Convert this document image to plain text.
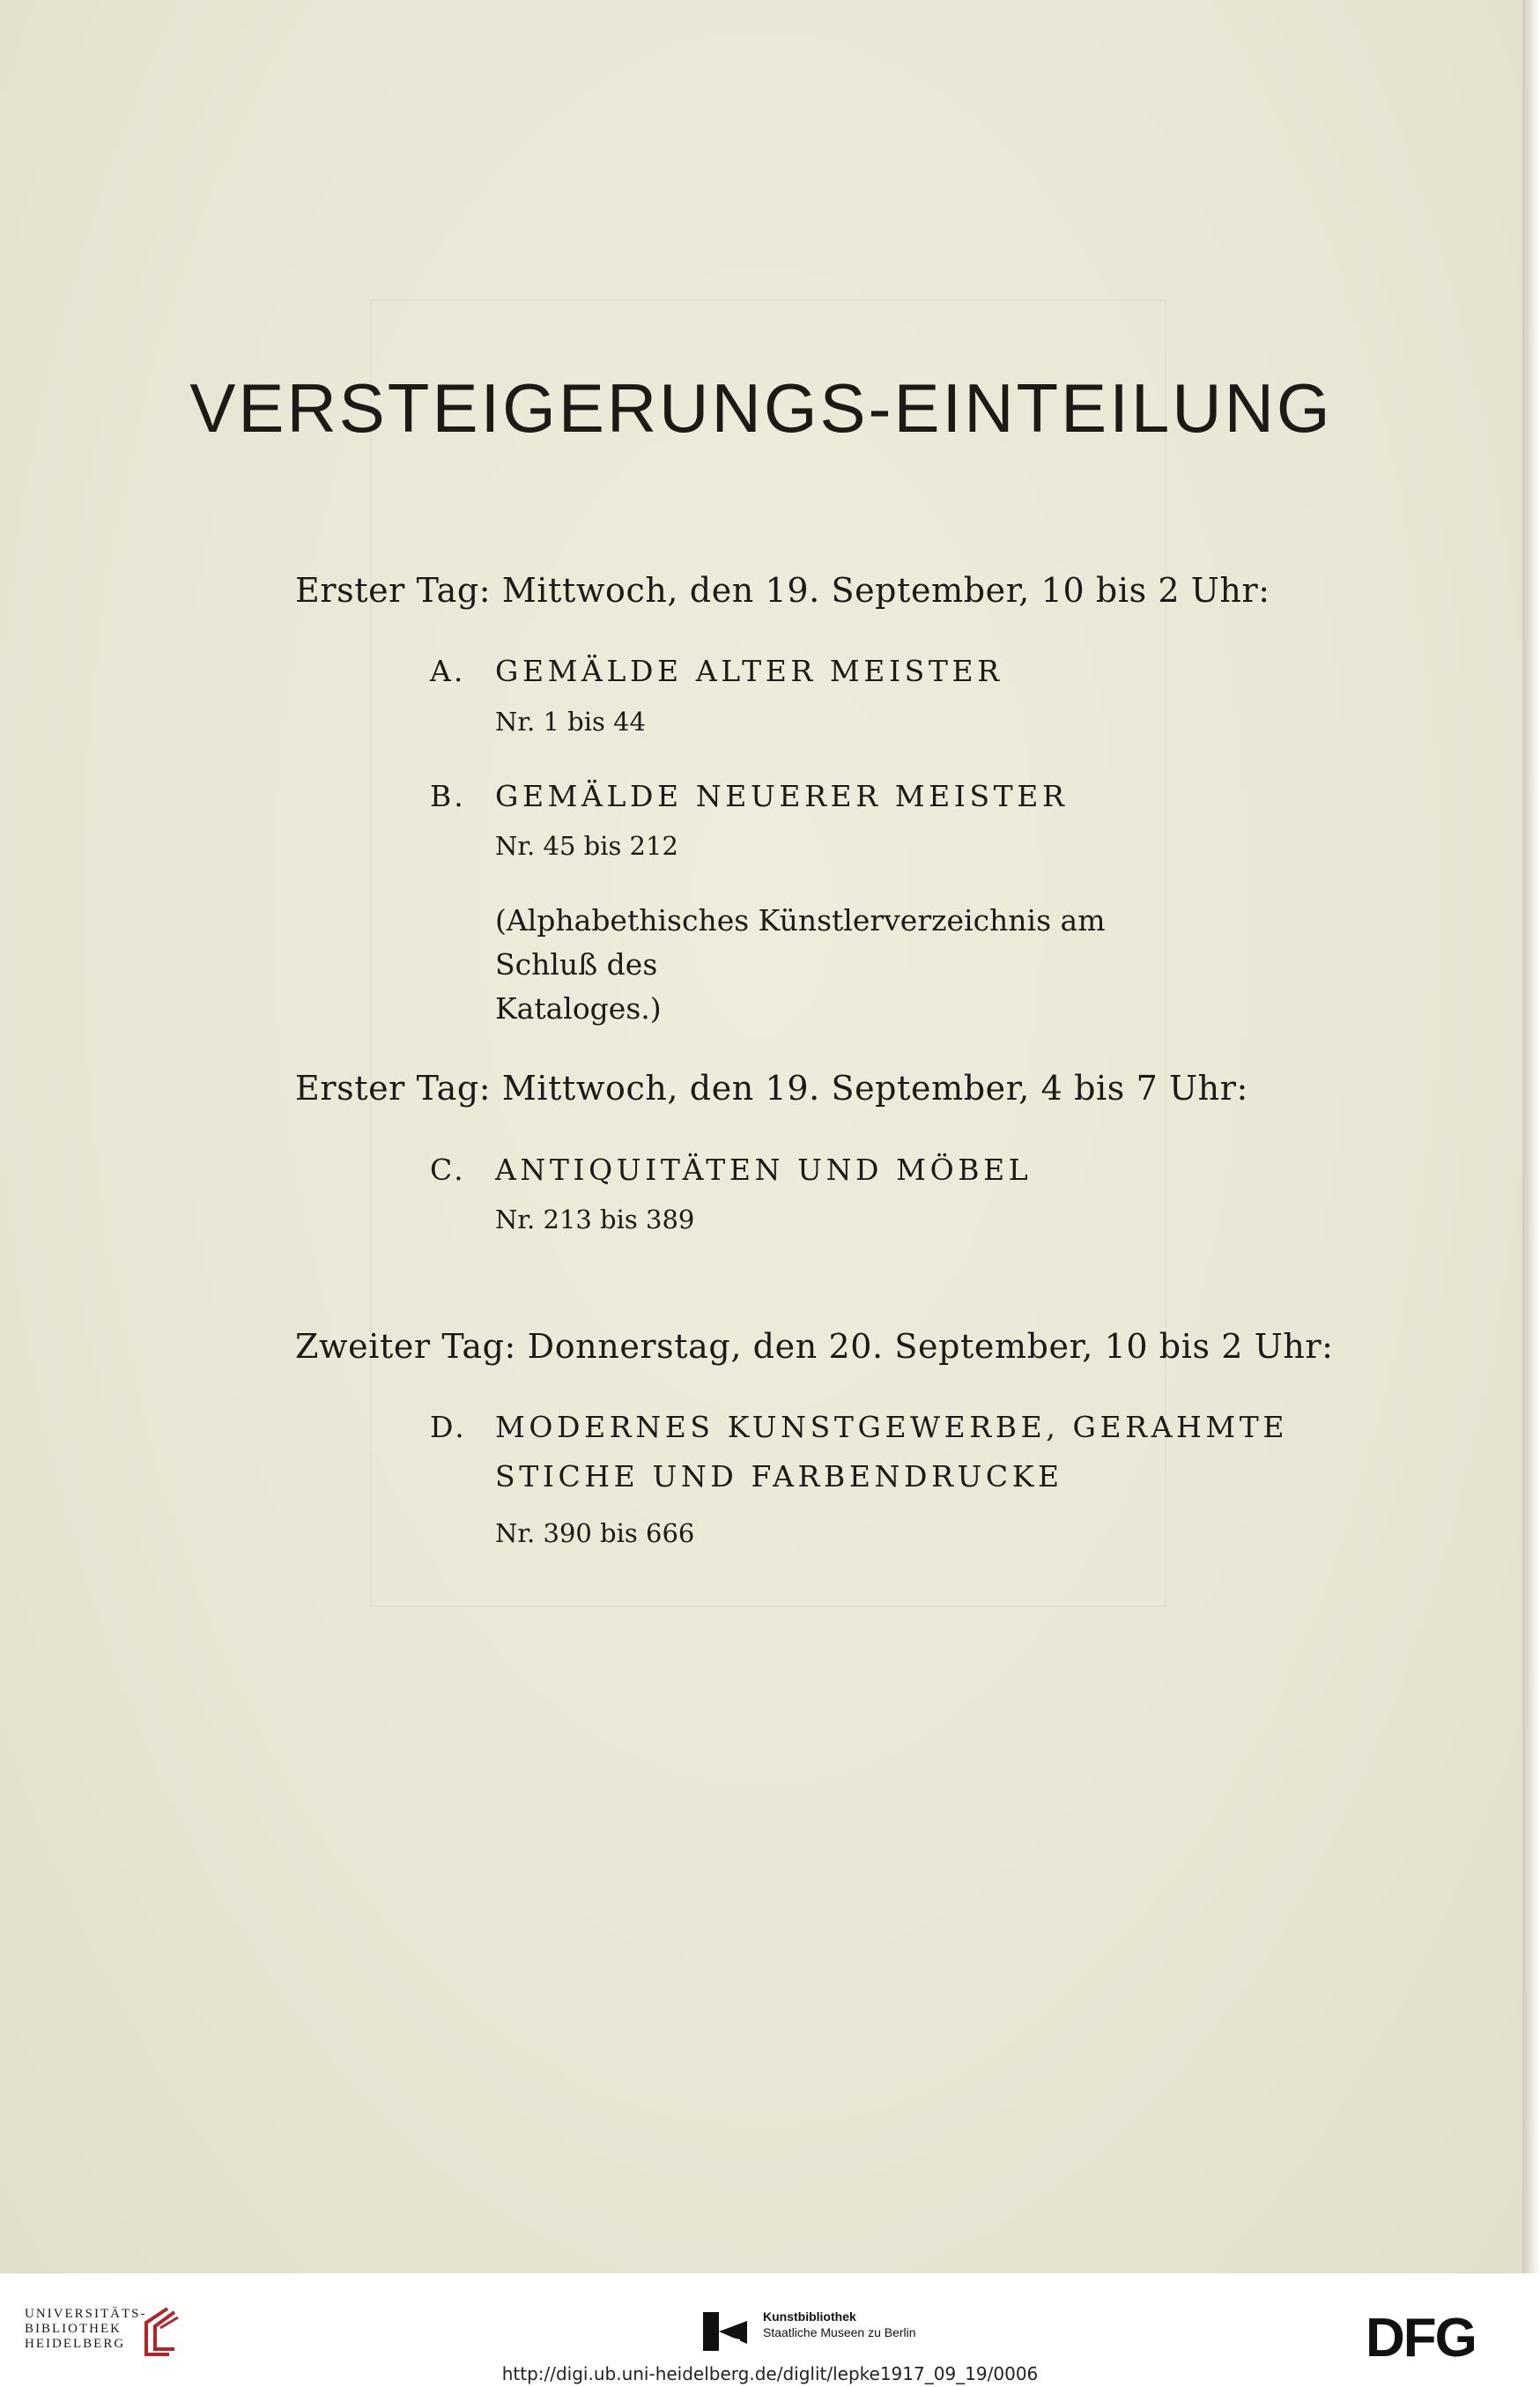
VERSTEIGERUNGS-EINTEILUNG
Erster Tag: Mittwoch, den 19. September, 10 bis 2 Uhr:
A. GEMÄLDE ALTER MEISTER
Nr. 1 bis 44
B. GEMÄLDE NEUERER MEISTER
Nr. 45 bis 212
(Alphabethisches Künstlerverzeichnis am Schluß des
Kataloges.)
Erster Tag: Mittwoch, den 19. September, 4 bis 7 Uhr:
C. ANTIQUITÄTEN UND MÖBEL
Nr. 213 bis 389
Zweiter Tag: Donnerstag, den 20. September, 10 bis 2 Uhr:
D. MODERNES KUNSTGEWERBE, GERAHMTE
STICHE UND FARBENDRUCKE
Nr. 390 bis 666
UNIVERSITÄTS-
BIBLIOTHEK
HEIDELBERG
Kunstbibliothek
Staatliche Museen zu Berlin	DFG
http://digi.ub.uni-heidelberg.de/diglit/lepke1917_09_19/0006
